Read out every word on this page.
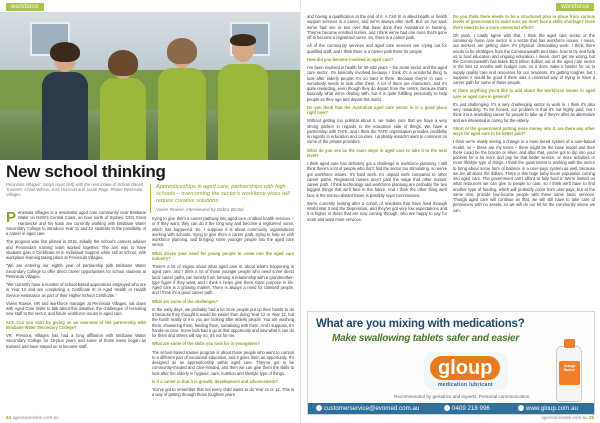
workforce
New school thinking
Peninsula Villages' Jaclyn Haas (left) with the next intake of School Based Trainees: Chloe Wilson, Jess Harrison and Jacob Page. Photo: Peninsula Villages
Apprenticeships in aged care, partnerships with high schools – overcoming the sector's workforce woes will require creative solutions.
Vivien Rowse, interviewed by Debra Bristol

Peninsula Villages is a residential aged care community near Brisbane Water on NSW's Central Coast, an hour north of Sydney. CEO Grant Hardwicke and his team are currently working with Brisbane Water Secondary College to introduce Year 11 and 12 students to the possibility of a career in aged care.

The program was first piloted in 2016. Initially the school's careers adviser and Peninsula's training team worked together. The aim was to have students gain a Certificate III in Individual Support while still at school, with workplace learning taking place at Peninsula Villages.

"We are entering our eighth year of partnership with Brisbane Water Secondary College to offer direct career opportunities for school students at Peninsula Villages.

"We currently have a number of school-based apprentices employed who are in Year 12 and are completing a Certificate III in Aged Health or Health Service Assistance as part of their Higher School Certificate."

Vivien Rowse, HR and workforce manager at Peninsula Villages, sat down with Aged Care Insite to talk about this initiative, the challenges of recruiting new staff to the sector, and future workforce issues in aged care.

ACI: Can you start by giving us an overview of the partnership with Brisbane Water Secondary College?

VR: Previous Villages has had a long affiliation with Brisbane Water Secondary College for 15-plus years and some of those teens began as trainees and have stayed on to become staff.

trying to give them a career pathway into aged care or allied health services – or if they want, they can do it the long way and become a registered nurse, which has happened. So, I suppose it is about community organisations working with schools, trying to give them a career path, trying to help us with workforce planning, and bringing some younger people into the aged care sector.

What drives your need for young people to come into the aged care industry?

There's a lot of stigma about what aged care is, about what's happening in aged care, and I think a lot of those younger people who need some direct local career paths can benefit from forming a relationship with a grandmother-type figure if they want, and I think it helps give them some purpose in life. Aged care is a growing market. There is always a need for talented people, and I think it's a good career path.

What are some of the challenges?

In the early days, we probably had a lot more people put up their hands to do it because they thought it would be easier than doing Year 12 or Year 12, but the harsh reality of it is you are looking after elderly people. You are washing them, showering them, feeding them, socialising with them. And I suppose, it's hands-on care. Some kids had a go at that opportunity and saw what it can do for them and others will say no, it's not for me.

What are some of the skills you look for in youngsters?

The school-based trainee program is about those people who want to commit to a different part of vocational education, and it gives them an opportunity. It's designed as an apprenticeship within aged care. They've got to be community-minded and care-minded, and then we can give them the skills to look after the elderly in hygiene, care, nutrition and lifestyle type of things.

Is it a career in that it is growth, development and advancement?

You've got to remember that not every child wants to do Year 11 or 12. This is a way of getting through those toughest years

24 agedcareinsite.com.au
workforce

and having a qualification at the end of it. A Cert III in allied health or health support services is a career, and we're always after staff. But, as I've said, we've had one or two over that have done their Assistance in Nursing. They've become enrolled nurses, and I think we've had one more that's gone off to become a registered nurse. So, there is a career path.

All of the community services and aged care services are crying out for qualified staff, and I think there is a career path there for people.

How did you become involved in aged care?

I've been involved in health for 40-odd years – the acute sector and the aged care sector. I'm basically involved because I think it's a wonderful thing to look after elderly people. It's so hard in there. Because they're in care – somebody needs to look after them. A lot of them are characters, and it's quite rewarding, even though they do depart from the centre, because that's basically what we're dealing with, but it is quite fulfilling personally to help people as they age and depart this world.

Do you think that the Australian aged care sector is in a good place right now?

Without getting too political about it, we make sure that we have a very strong partner in regards to the education side of things. We have a partnership with TAFE, and I think the TAFE organisation provides credibility in regards to education and courses. I probably wouldn't want to comment on some of the private providers.

What do you see as the main steps in aged care to take it to the next level?

I think aged care has definitely got a challenge in workforce planning. I still think there's a lot of people who don't find the sector too stimulating, so we've got workforce issues. It's hard work. It's unpaid work compared to other career paths. Registered nurses aren't paid the wage that other nurses' career path. I think technology and workforce planning are probably the two biggest things that we'll face in the future. And I think the other thing we'll face is the not-too-distant future is possibly royal commissions.

We're currently looking after a cohort of residents that have lived through World War II and the Depression, and they've got very low expectations and it is higher in those that are now coming through, who are happy to pay for more and want more services.

Do you think there needs to be a structured plan in place from various levels of government to make sure we don't face a skills shortage? Does there need to be a more concerted effort?

Oh yeah. I totally agree with that. I think the aged care sector or the community home care sector is a sector that has workforce issues. I mean, our workers are getting older. It's physical, demanding work. I think there needs to be strategies from the Commonwealth and state, how to try and help us to fund education and ongoing education. I mean, don't get me wrong, but the Commonwealth has taken $1.9 billion dollars out of the aged care sector in the last 12 months with budget cuts, so it does make it harder for us to supply quality care and resources for our residents. It's getting tougher, but I suppose it would be good if there was a universal way of trying to have a career path for some of these people.

Is there anything you'd like to add about the workforce issues in aged care or aged care in general?

It's just challenging. It's a very challenging sector to work in. I think it's also very rewarding. To be honest, our problem is that it's not highly paid, but I think it is a rewarding career for people to take up if they're after an alternative and are interested in caring for the elderly.

Short of the government putting more money into it, are there any other ways for aged care to be better paid?

I think we're slowly seeing a change in a more tiered system of a care-based model, so – these are my terms – there might be the base model and then there could be the bronze or silver, and after that, you've got to dip into your pockets for a bit more and pay for that better service, or more activities or more lifestyle type of things. I think the government is working with the sector to bring about some form of balance in a user-pays system as well, because we are all about the dollars. There is this huge baby boom population coming into aged care. The government can't afford to fully fund it. We're limited on what resources we can give to people to care, so I think we'll have to find another type of funding, which will probably come from user-pays, but at the same time, provide low-income people with these same basic services. Though aged care will continue as that, we will still have to take care of pensioners with no assets, so we will do our bit for the community where we can.

What are you mixing with medications?
Make swallowing tablets safer and easier
gloup
medication lubricant
Orange flavour
Recommended by geriatrics and experts. Personal communication.
customerservice@evomed.com.au	0409 218 996	www.gloup.com.au
agedcareinsite.com.au 25
